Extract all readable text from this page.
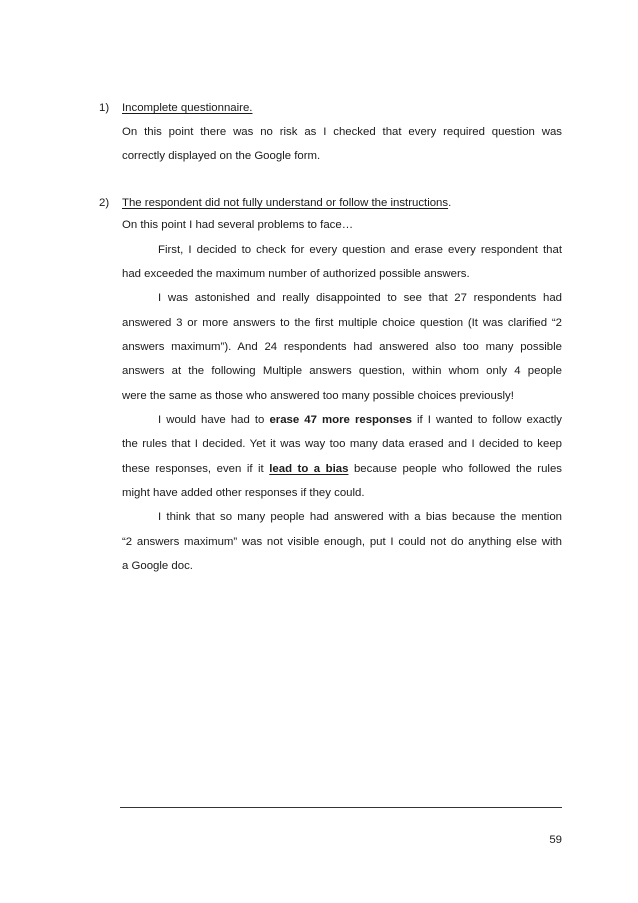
1) Incomplete questionnaire.
On this point there was no risk as I checked that every required question was
correctly displayed on the Google form.
2) The respondent did not fully understand or follow the instructions.
On this point I had several problems to face…
First, I decided to check for every question and erase every respondent that
had exceeded the maximum number of authorized possible answers.
I was astonished and really disappointed to see that 27 respondents had
answered 3 or more answers to the first multiple choice question (It was clarified “2
answers maximum”). And 24 respondents had answered also too many possible
answers at the following Multiple answers question, within whom only 4 people
were the same as those who answered too many possible choices previously!
I would have had to erase 47 more responses if I wanted to follow exactly
the rules that I decided. Yet it was way too many data erased and I decided to keep
these responses, even if it lead to a bias because people who followed the rules
might have added other responses if they could.
I think that so many people had answered with a bias because the mention
“2 answers maximum” was not visible enough, put I could not do anything else with
a Google doc.
59
